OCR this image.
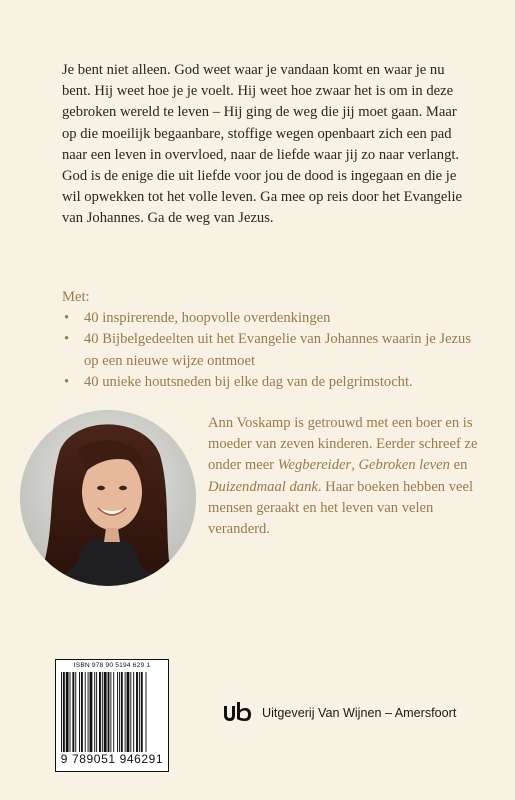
Je bent niet alleen. God weet waar je vandaan komt en waar je nu bent. Hij weet hoe je je voelt. Hij weet hoe zwaar het is om in deze gebroken wereld te leven – Hij ging de weg die jij moet gaan. Maar op die moeilijk begaanbare, stoffige wegen openbaart zich een pad naar een leven in overvloed, naar de liefde waar jij zo naar verlangt.

God is de enige die uit liefde voor jou de dood is ingegaan en die je wil opwekken tot het volle leven. Ga mee op reis door het Evangelie van Johannes. Ga de weg van Jezus.

Met:

• 40 inspirerende, hoopvolle overdenkingen
• 40 Bijbelgedeelten uit het Evangelie van Johannes waarin je Jezus op een nieuwe wijze ontmoet
• 40 unieke houtsneden bij elke dag van de pelgrimstocht.
Ann Voskamp is getrouwd met een boer en is moeder van zeven kinderen. Eerder schreef ze onder meer Wegbereider, Gebroken leven en Duizendmaal dank. Haar boeken hebben veel mensen geraakt en het leven van velen veranderd.
ISBN 978 90 5194 629 1
9 789051 946291
Uitgeverij Van Wijnen – Amersfoort
